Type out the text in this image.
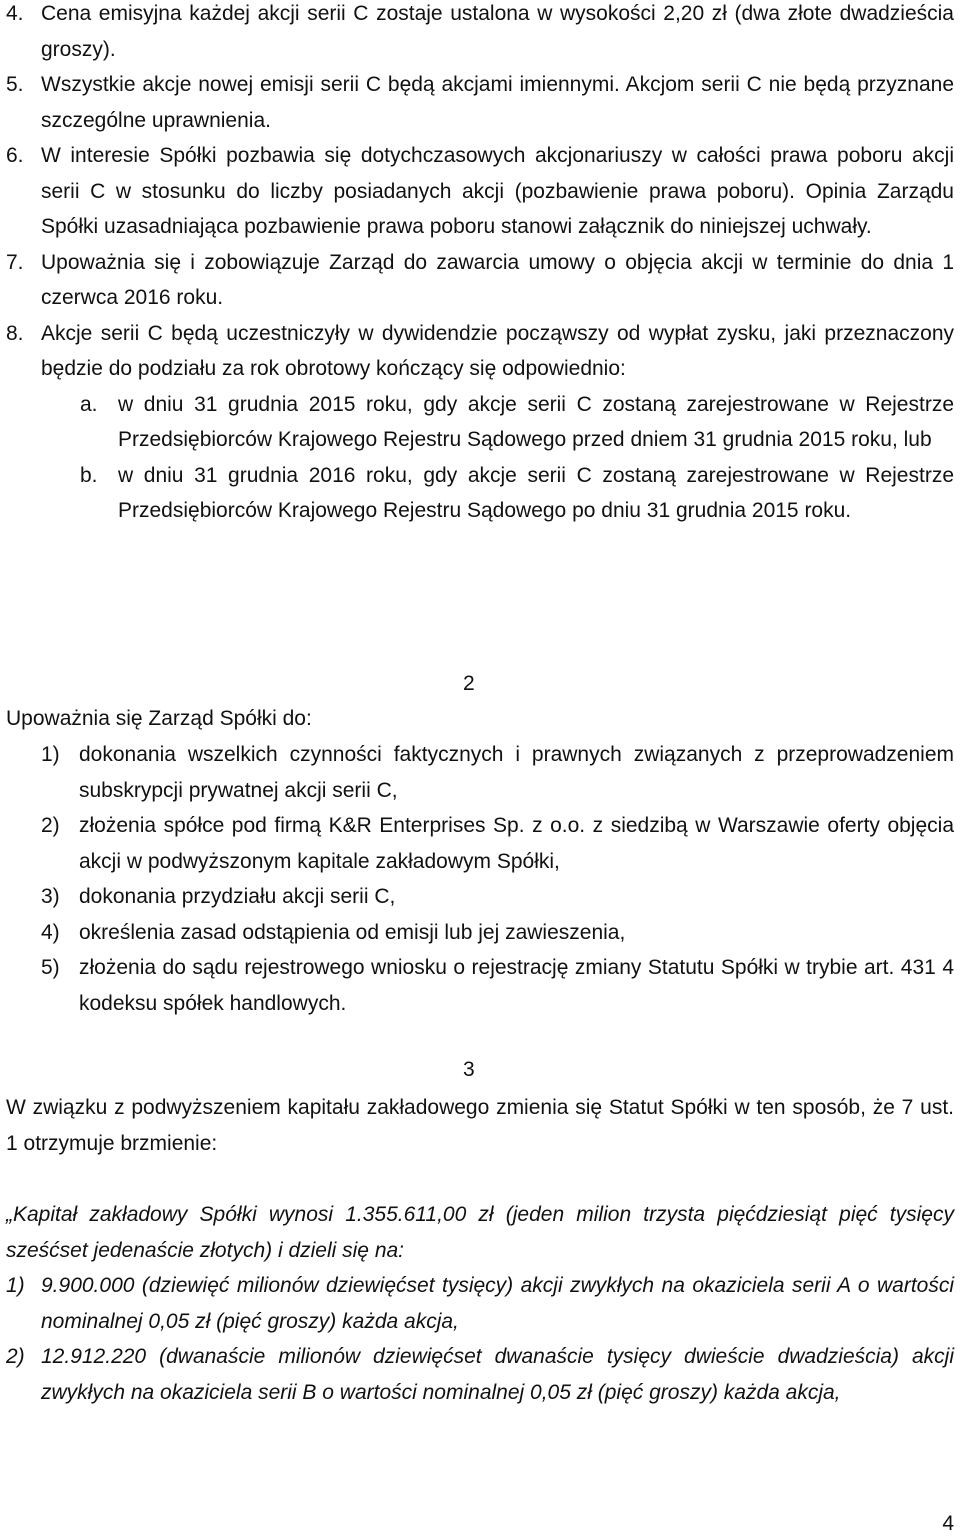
4. Cena emisyjna każdej akcji serii C zostaje ustalona w wysokości 2,20 zł (dwa złote dwadzieścia groszy).
5. Wszystkie akcje nowej emisji serii C będą akcjami imiennymi. Akcjom serii C nie będą przyznane szczególne uprawnienia.
6. W interesie Spółki pozbawia się dotychczasowych akcjonariuszy w całości prawa poboru akcji serii C w stosunku do liczby posiadanych akcji (pozbawienie prawa poboru). Opinia Zarządu Spółki uzasadniająca pozbawienie prawa poboru stanowi załącznik do niniejszej uchwały.
7. Upoważnia się i zobowiązuje Zarząd do zawarcia umowy o objęcia akcji w terminie do dnia 1 czerwca 2016 roku.
8. Akcje serii C będą uczestniczyły w dywidendzie począwszy od wypłat zysku, jaki przeznaczony będzie do podziału za rok obrotowy kończący się odpowiednio:
a. w dniu 31 grudnia 2015 roku, gdy akcje serii C zostaną zarejestrowane w Rejestrze Przedsiębiorców Krajowego Rejestru Sądowego przed dniem 31 grudnia 2015 roku, lub
b. w dniu 31 grudnia 2016 roku, gdy akcje serii C zostaną zarejestrowane w Rejestrze Przedsiębiorców Krajowego Rejestru Sądowego po dniu 31 grudnia 2015 roku.
2
Upoważnia się Zarząd Spółki do:
1) dokonania wszelkich czynności faktycznych i prawnych związanych z przeprowadzeniem subskrypcji prywatnej akcji serii C,
2) złożenia spółce pod firmą K&R Enterprises Sp. z o.o. z siedzibą w Warszawie oferty objęcia akcji w podwyższonym kapitale zakładowym Spółki,
3) dokonania przydziału akcji serii C,
4) określenia zasad odstąpienia od emisji lub jej zawieszenia,
5) złożenia do sądu rejestrowego wniosku o rejestrację zmiany Statutu Spółki w trybie art. 431 4 kodeksu spółek handlowych.
3
W związku z podwyższeniem kapitału zakładowego zmienia się Statut Spółki w ten sposób, że 7 ust. 1 otrzymuje brzmienie:
„Kapitał zakładowy Spółki wynosi 1.355.611,00 zł (jeden milion trzysta pięćdziesiąt pięć tysięcy sześćset jedenaście złotych) i dzieli się na:
1) 9.900.000 (dziewięć milionów dziewięćset tysięcy) akcji zwykłych na okaziciela serii A o wartości nominalnej 0,05 zł (pięć groszy) każda akcja,
2) 12.912.220 (dwanaście milionów dziewięćset dwanaście tysięcy dwieście dwadzieścia) akcji zwykłych na okaziciela serii B o wartości nominalnej 0,05 zł (pięć groszy) każda akcja,
4
